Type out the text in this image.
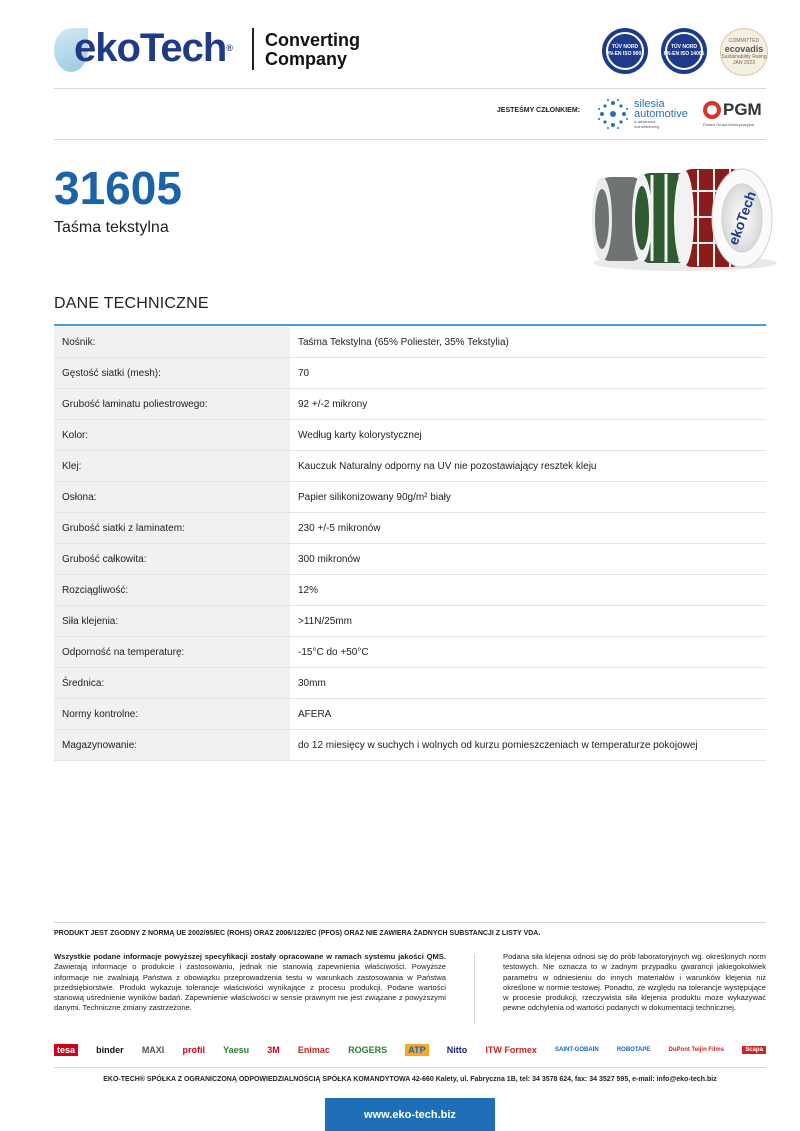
ekoTech® Converting
Company
TÜV NORD
PN-EN ISO 9001
TÜV NORD
PN-EN ISO 14001
COMMITTED
ecovadis
Sustainability Rating
JAN 2023
JESTEŚMY CZŁONKIEM:
silesia
automotive
& advanced
manufacturing
PGM
Polska Grupa Motoryzacyjna
31605
Taśma tekstylna	ekoTech
DANE TECHNICZNE
Nośnik:	Taśma Tekstylna (65% Poliester, 35% Tekstylia)
Gęstość siatki (mesh):	70
Grubość laminatu poliestrowego:	92 +/-2 mikrony
Kolor:	Według karty kolorystycznej
Klej:	Kauczuk Naturalny odporny na UV nie pozostawiający resztek kleju
Osłona:	Papier silikonizowany 90g/m² biały
Grubość siatki z laminatem:	230 +/-5 mikronów
Grubość całkowita:	300 mikronów
Rozciągliwość:	12%
Siła klejenia:	>11N/25mm
Odporność na temperaturę:	-15°C do +50°C
Średnica:	30mm
Normy kontrolne:	AFERA
Magazynowanie:	do 12 miesięcy w suchych i wolnych od kurzu pomieszczeniach w temperaturze pokojowej
PRODUKT JEST ZGODNY Z NORMĄ UE 2002/95/EC (ROHS) ORAZ 2006/122/EC (PFOS) ORAZ NIE ZAWIERA ŻADNYCH SUBSTANCJI Z LISTY VDA.
Wszystkie podane informacje powyższej specyfikacji zostały opracowane w ramach systemu jakości QMS. Zawierają informacje o produkcie i zastosowaniu, jednak nie stanowią zapewnienia właściwości. Powyższe informacje nie zwalniają Państwa z obowiązku przeprowadzenia testu w warunkach zastosowania w Państwa przedsiębiorstwie. Produkt wykazuje tolerancje właściwości wynikające z procesu produkcji. Podane wartości stanowią uśrednienie wyników badań. Zapewnienie właściwości w sensie prawnym nie jest związane z powyższymi danymi. Techniczne zmiany zastrzeżone.
Podana siła klejenia odnosi się do prób laboratoryjnych wg. określonych norm testowych. Nie oznacza to w żadnym przypadku gwarancji jakiegokolwiek parametru w odniesieniu do innych materiałów i warunków klejenia niż określone w normie testowej. Ponadto, ze względu na tolerancje występujące w procesie produkcji, rzeczywista siła klejenia produktu może wykazywać pewne odchylenia od wartości podanych w dokumentacji technicznej.
tesa	binder MAXI profil Yaesu 3M Enimac ROGERS	ATP	Nitto ITW Formex	SAINT-GOBAIN	ROBOTAPE	DuPont Teijin Films	Scapa
EKO-TECH® SPÓŁKA Z OGRANICZONĄ ODPOWIEDZIALNOŚCIĄ SPÓŁKA KOMANDYTOWA 42-660 Kalety, ul. Fabryczna 1B, tel: 34 3578 624, fax: 34 3527 595, e-mail: info@eko-tech.biz
www.eko-tech.biz
